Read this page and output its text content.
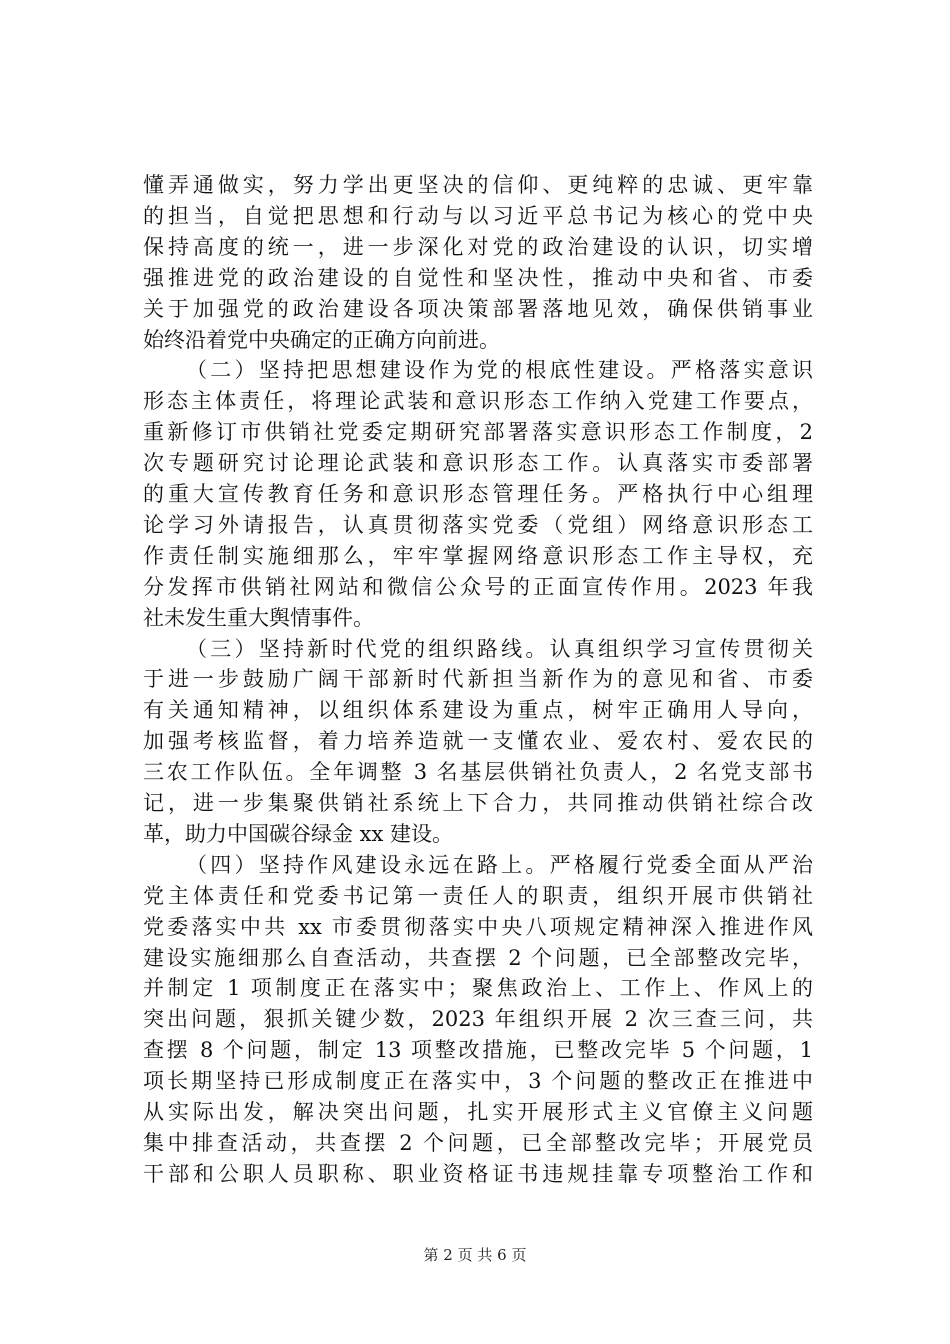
懂弄通做实，努力学出更坚决的信仰、更纯粹的忠诚、更牢靠
的担当，自觉把思想和行动与以习近平总书记为核心的党中央
保持高度的统一，进一步深化对党的政治建设的认识，切实增
强推进党的政治建设的自觉性和坚决性，推动中央和省、市委
关于加强党的政治建设各项决策部署落地见效，确保供销事业
始终沿着党中央确定的正确方向前进。
（二）坚持把思想建设作为党的根底性建设。严格落实意识
形态主体责任，将理论武装和意识形态工作纳入党建工作要点，
重新修订市供销社党委定期研究部署落实意识形态工作制度，2
次专题研究讨论理论武装和意识形态工作。认真落实市委部署
的重大宣传教育任务和意识形态管理任务。严格执行中心组理
论学习外请报告，认真贯彻落实党委（党组）网络意识形态工
作责任制实施细那么，牢牢掌握网络意识形态工作主导权，充
分发挥市供销社网站和微信公众号的正面宣传作用。2023 年我
社未发生重大舆情事件。
（三）坚持新时代党的组织路线。认真组织学习宣传贯彻关
于进一步鼓励广阔干部新时代新担当新作为的意见和省、市委
有关通知精神，以组织体系建设为重点，树牢正确用人导向，
加强考核监督，着力培养造就一支懂农业、爱农村、爱农民的
三农工作队伍。全年调整 3 名基层供销社负责人，2 名党支部书
记，进一步集聚供销社系统上下合力，共同推动供销社综合改
革，助力中国碳谷绿金 xx 建设。
（四）坚持作风建设永远在路上。严格履行党委全面从严治
党主体责任和党委书记第一责任人的职责，组织开展市供销社
党委落实中共 xx 市委贯彻落实中央八项规定精神深入推进作风
建设实施细那么自查活动，共查摆 2 个问题，已全部整改完毕，
并制定 1 项制度正在落实中；聚焦政治上、工作上、作风上的
突出问题，狠抓关键少数，2023 年组织开展 2 次三查三问，共
查摆 8 个问题，制定 13 项整改措施，已整改完毕 5 个问题，1
项长期坚持已形成制度正在落实中，3 个问题的整改正在推进中
从实际出发，解决突出问题，扎实开展形式主义官僚主义问题
集中排查活动，共查摆 2 个问题，已全部整改完毕；开展党员
干部和公职人员职称、职业资格证书违规挂靠专项整治工作和
第 2 页 共 6 页
